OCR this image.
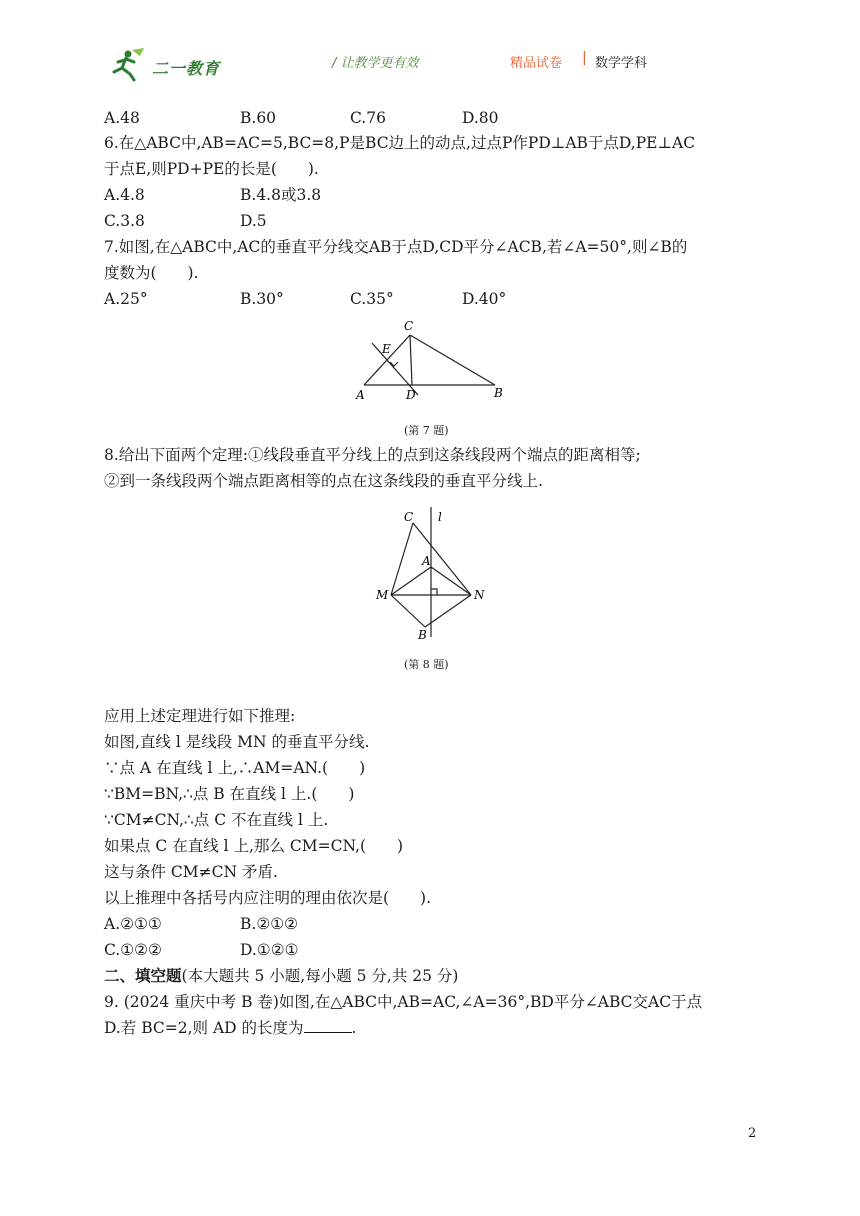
二一教育	/ 让教学更有效	精品试卷 | 数学学科
A.48	B.60	C.76	D.80
6.在△ABC中,AB=AC=5,BC=8,P是BC边上的动点,过点P作PD⊥AB于点D,PE⊥AC
于点E,则PD+PE的长是(　　).
A.4.8	B.4.8或3.8
C.3.8	D.5
7.如图,在△ABC中,AC的垂直平分线交AB于点D,CD平分∠ACB,若∠A=50°,则∠B的
度数为(　　).
A.25°	B.30°	C.35°	D.40°
C
E
A	D	B
(第 7 题)
8.给出下面两个定理:①线段垂直平分线上的点到这条线段两个端点的距离相等;
②到一条线段两个端点距离相等的点在这条线段的垂直平分线上.
C l
A
M	N
B
(第 8 题)
应用上述定理进行如下推理:
如图,直线 l 是线段 MN 的垂直平分线.
∵点 A 在直线 l 上,∴AM=AN.(　　)
∵BM=BN,∴点 B 在直线 l 上.(　　)
∵CM≠CN,∴点 C 不在直线 l 上.
如果点 C 在直线 l 上,那么 CM=CN,(　　)
这与条件 CM≠CN 矛盾.
以上推理中各括号内应注明的理由依次是(　　).
A.②①①	B.②①②
C.①②②	D.①②①
二、填空题(本大题共 5 小题,每小题 5 分,共 25 分)
9. (2024 重庆中考 B 卷)如图,在△ABC中,AB=AC,∠A=36°,BD平分∠ABC交AC于点
D.若 BC=2,则 AD 的长度为	.
2
